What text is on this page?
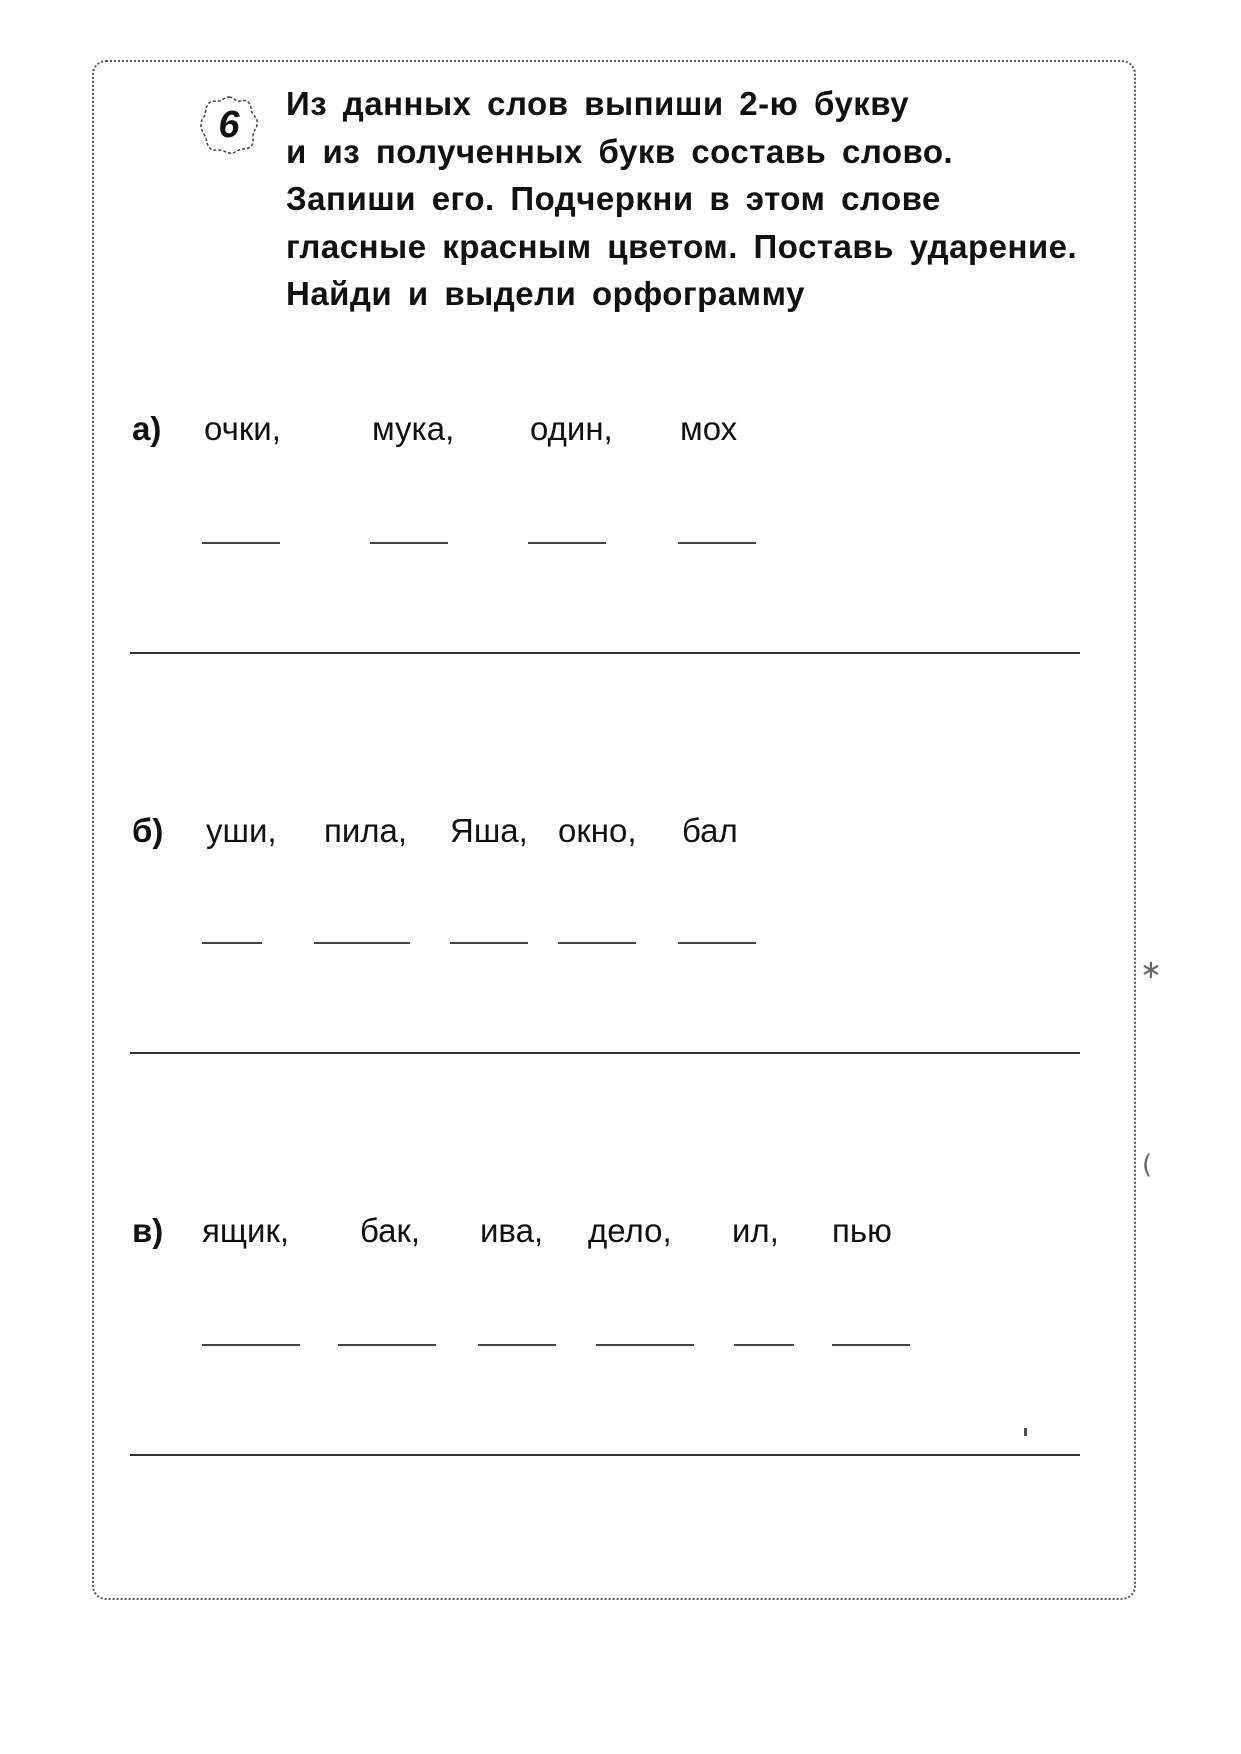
6

Из данных слов выпиши 2-ю букву
и из полученных букв составь слово.
Запиши его. Подчеркни в этом слове
гласные красным цветом. Поставь ударение.
Найди и выдели орфограмму

а) очки,	мука, один, мох
б) уши, пила, Яша, окно, бал
в) ящик, бак, ива, дело, ил, пью
∗
(
